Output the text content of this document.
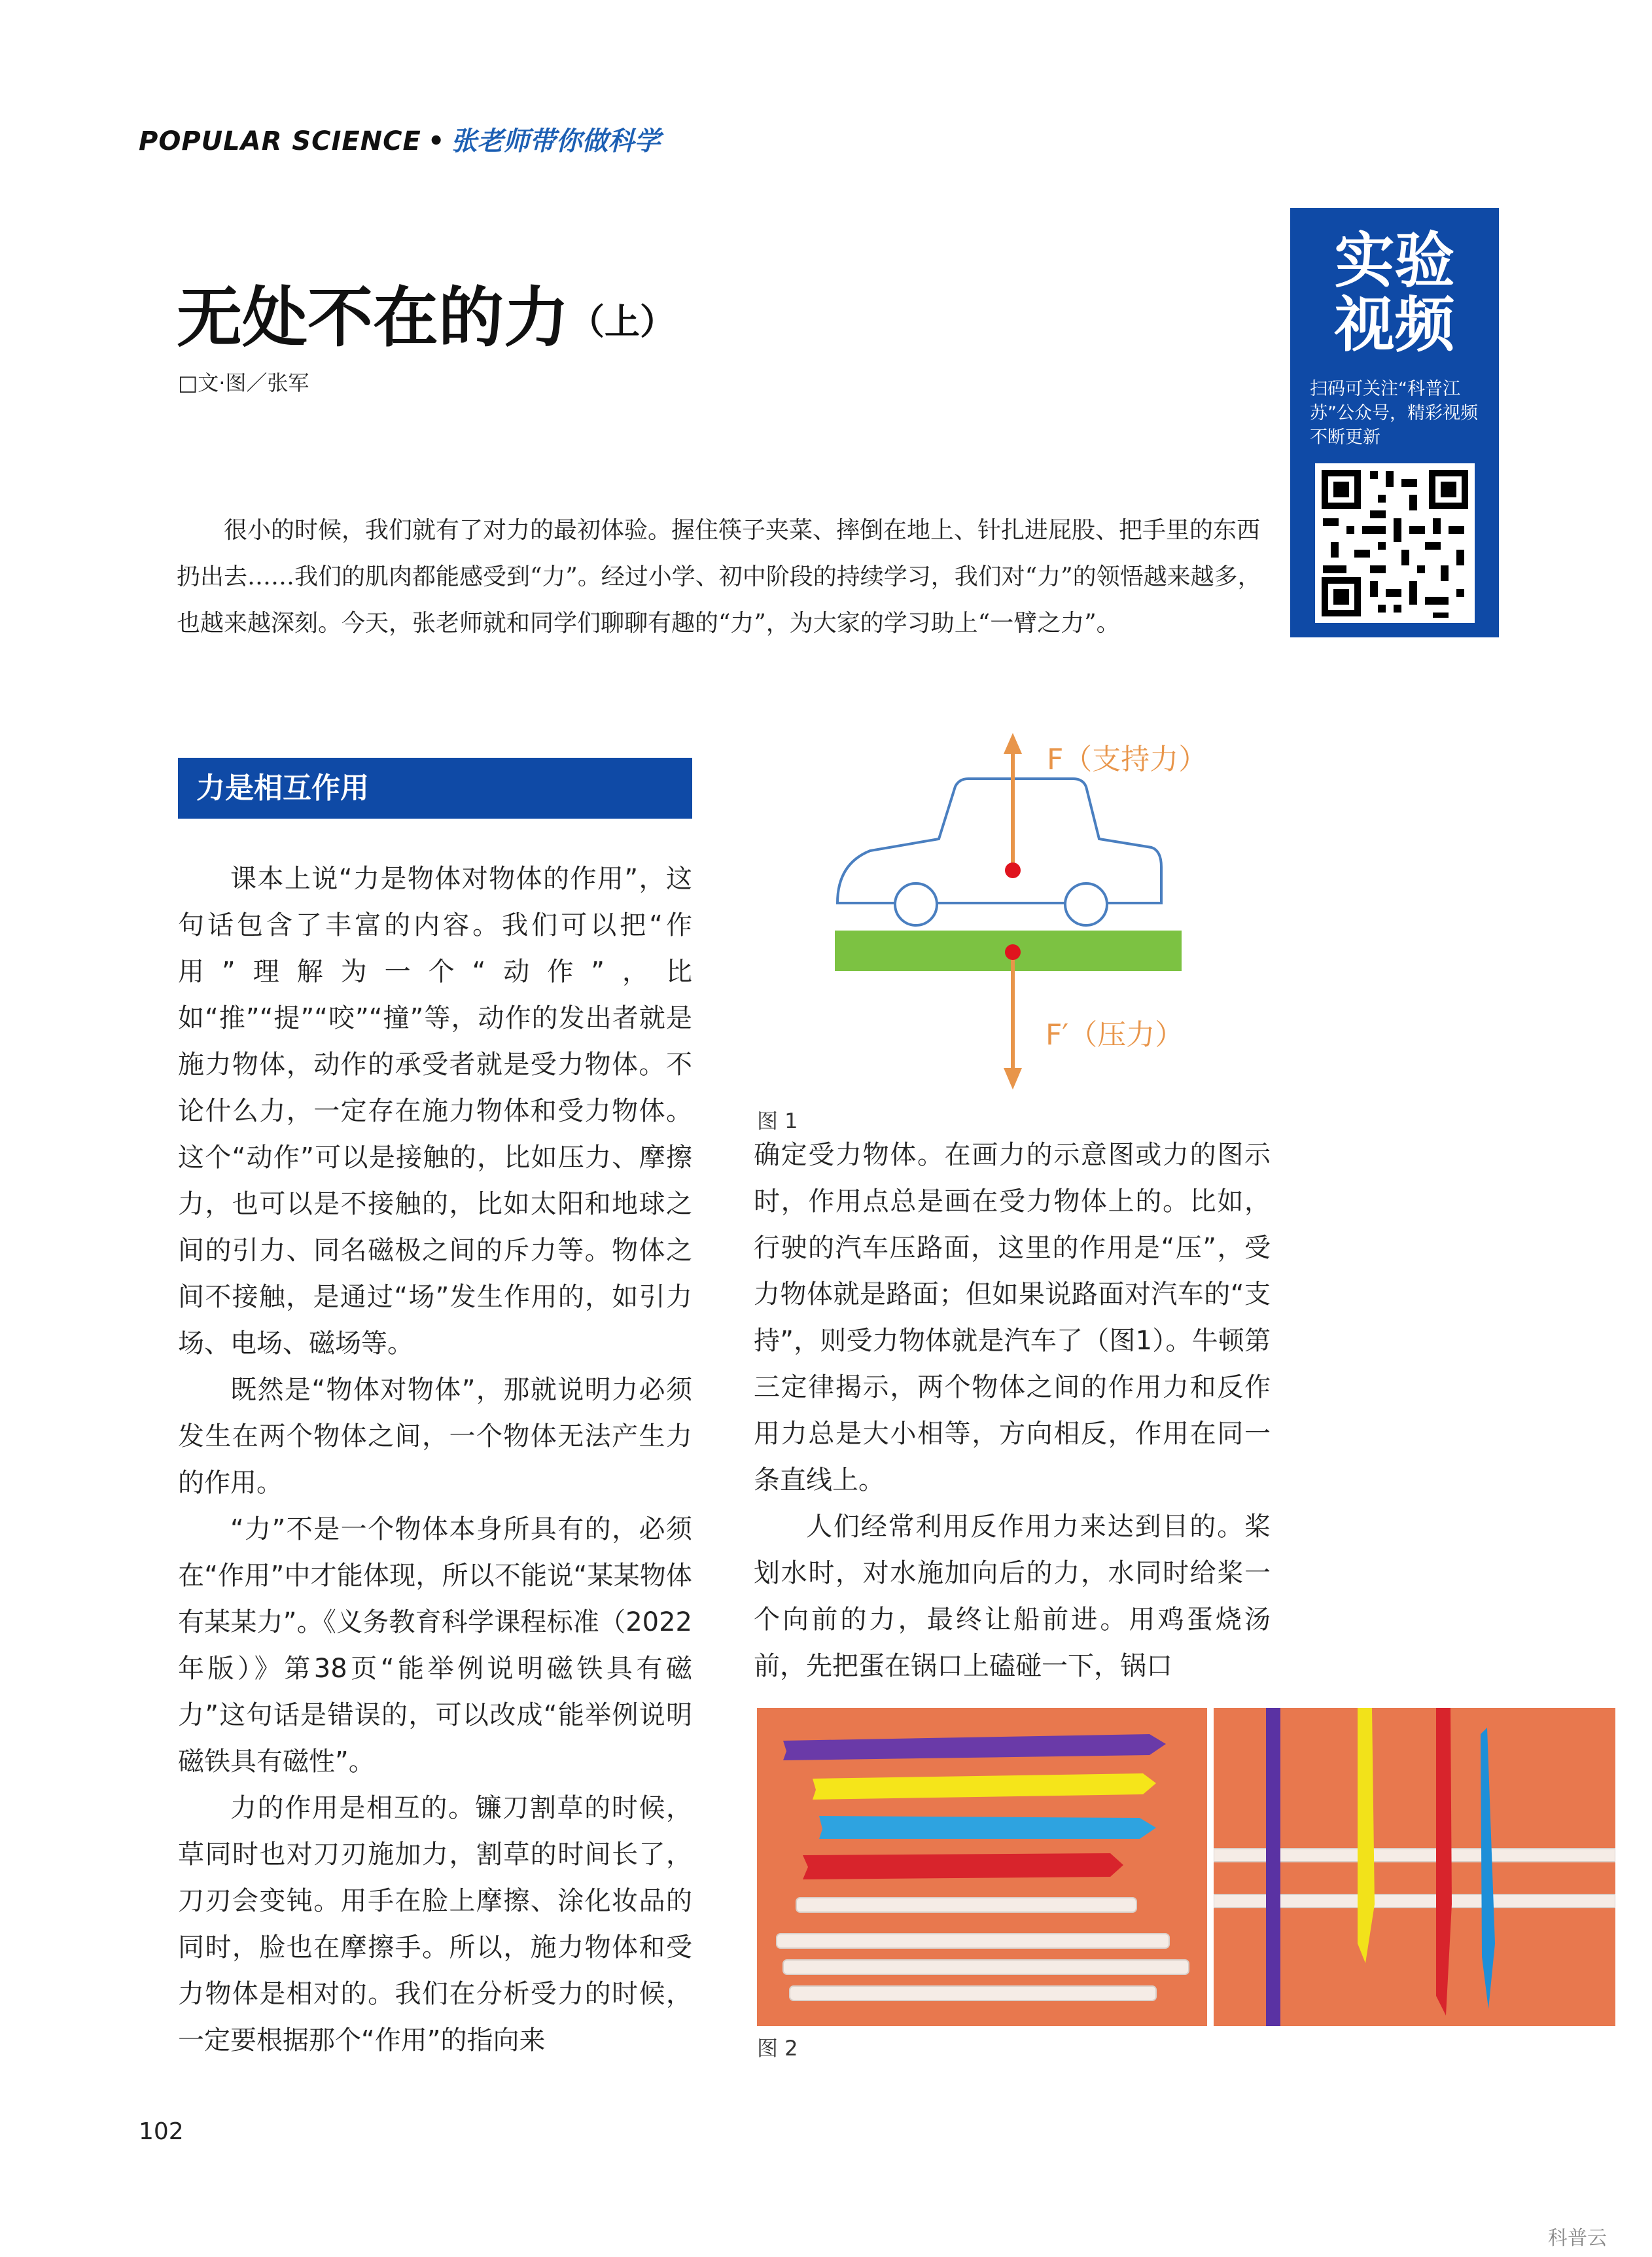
POPULAR SCIENCE • 张老师带你做科学
无处不在的力（上）
□文·图／张军
很小的时候，我们就有了对力的最初体验。握住筷子夹菜、摔倒在地上、针扎进屁股、把手里的东西扔出去……我们的肌肉都能感受到“力”。经过小学、初中阶段的持续学习，我们对“力”的领悟越来越多，也越来越深刻。今天，张老师就和同学们聊聊有趣的“力”，为大家的学习助上“一臂之力”。
实验
视频
扫码可关注“科普江苏”公众号，精彩视频不断更新
力是相互作用

课本上说“力是物体对物体的作用”，这句话包含了丰富的内容。我们可以把“作用”理解为一个“动作”，比如“推”“提”“咬”“撞”等，动作的发出者就是施力物体，动作的承受者就是受力物体。不论什么力，一定存在施力物体和受力物体。这个“动作”可以是接触的，比如压力、摩擦力，也可以是不接触的，比如太阳和地球之间的引力、同名磁极之间的斥力等。物体之间不接触，是通过“场”发生作用的，如引力场、电场、磁场等。

既然是“物体对物体”，那就说明力必须发生在两个物体之间，一个物体无法产生力的作用。

“力”不是一个物体本身所具有的，必须在“作用”中才能体现，所以不能说“某某物体有某某力”。《义务教育科学课程标准（2022年版）》第38页“能举例说明磁铁具有磁力”这句话是错误的，可以改成“能举例说明磁铁具有磁性”。

力的作用是相互的。镰刀割草的时候，草同时也对刀刃施加力，割草的时间长了，刀刃会变钝。用手在脸上摩擦、涂化妆品的同时，脸也在摩擦手。所以，施力物体和受力物体是相对的。我们在分析受力的时候，一定要根据那个“作用”的指向来

F（支持力）
F′（压力）
图 1

确定受力物体。在画力的示意图或力的图示时，作用点总是画在受力物体上的。比如，行驶的汽车压路面，这里的作用是“压”，受力物体就是路面；但如果说路面对汽车的“支持”，则受力物体就是汽车了（图1）。牛顿第三定律揭示，两个物体之间的作用力和反作用力总是大小相等，方向相反，作用在同一条直线上。

人们经常利用反作用力来达到目的。桨划水时，对水施加向后的力，水同时给桨一个向前的力，最终让船前进。用鸡蛋烧汤前，先把蛋在锅口上磕碰一下，锅口

图 2
102
科普云
